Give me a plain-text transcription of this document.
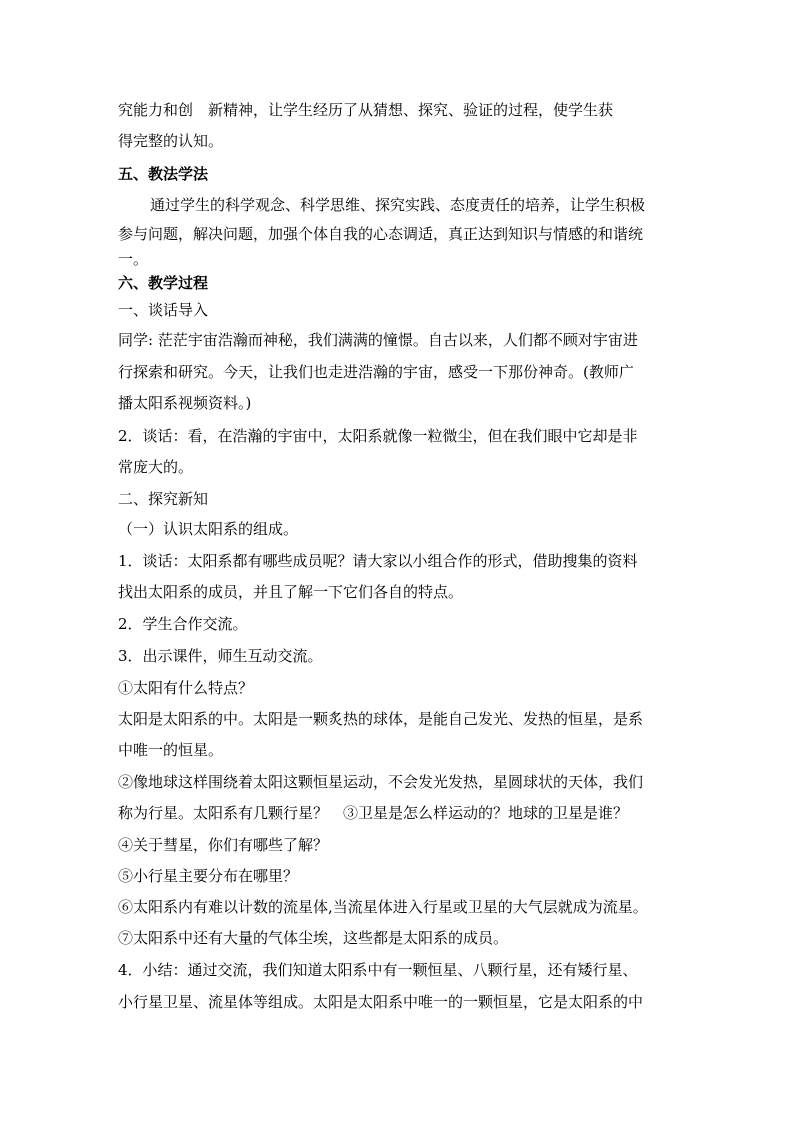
究能力和创　新精神，让学生经历了从猜想、探究、验证的过程，使学生获
得完整的认知。
五、教法学法
通过学生的科学观念、科学思维、探究实践、态度责任的培养，让学生积极
参与问题，解决问题，加强个体自我的心态调适，真正达到知识与情感的和谐统
一。
六、教学过程
一、谈话导入
同学: 茫茫宇宙浩瀚而神秘，我们满满的憧憬。自古以来，人们都不顾对宇宙进
行探索和研究。今天，让我们也走进浩瀚的宇宙，感受一下那份神奇。(教师广
播太阳系视频资料。)
2．谈话：看，在浩瀚的宇宙中，太阳系就像一粒微尘，但在我们眼中它却是非
常庞大的。
二、探究新知
（一）认识太阳系的组成。
1．谈话：太阳系都有哪些成员呢？请大家以小组合作的形式，借助搜集的资料
找出太阳系的成员，并且了解一下它们各自的特点。
2．学生合作交流。
3．出示课件，师生互动交流。
①太阳有什么特点？
太阳是太阳系的中。太阳是一颗炙热的球体，是能自己发光、发热的恒星，是系
中唯一的恒星。
②像地球这样围绕着太阳这颗恒星运动，不会发光发热，星圆球状的天体，我们
称为行星。太阳系有几颗行星？　③卫星是怎么样运动的？地球的卫星是谁？
④关于彗星，你们有哪些了解？
⑤小行星主要分布在哪里？
⑥太阳系内有难以计数的流星体,当流星体进入行星或卫星的大气层就成为流星。
⑦太阳系中还有大量的气体尘埃，这些都是太阳系的成员。
4．小结：通过交流，我们知道太阳系中有一颗恒星、八颗行星，还有矮行星、
小行星卫星、流星体等组成。太阳是太阳系中唯一的一颗恒星，它是太阳系的中
